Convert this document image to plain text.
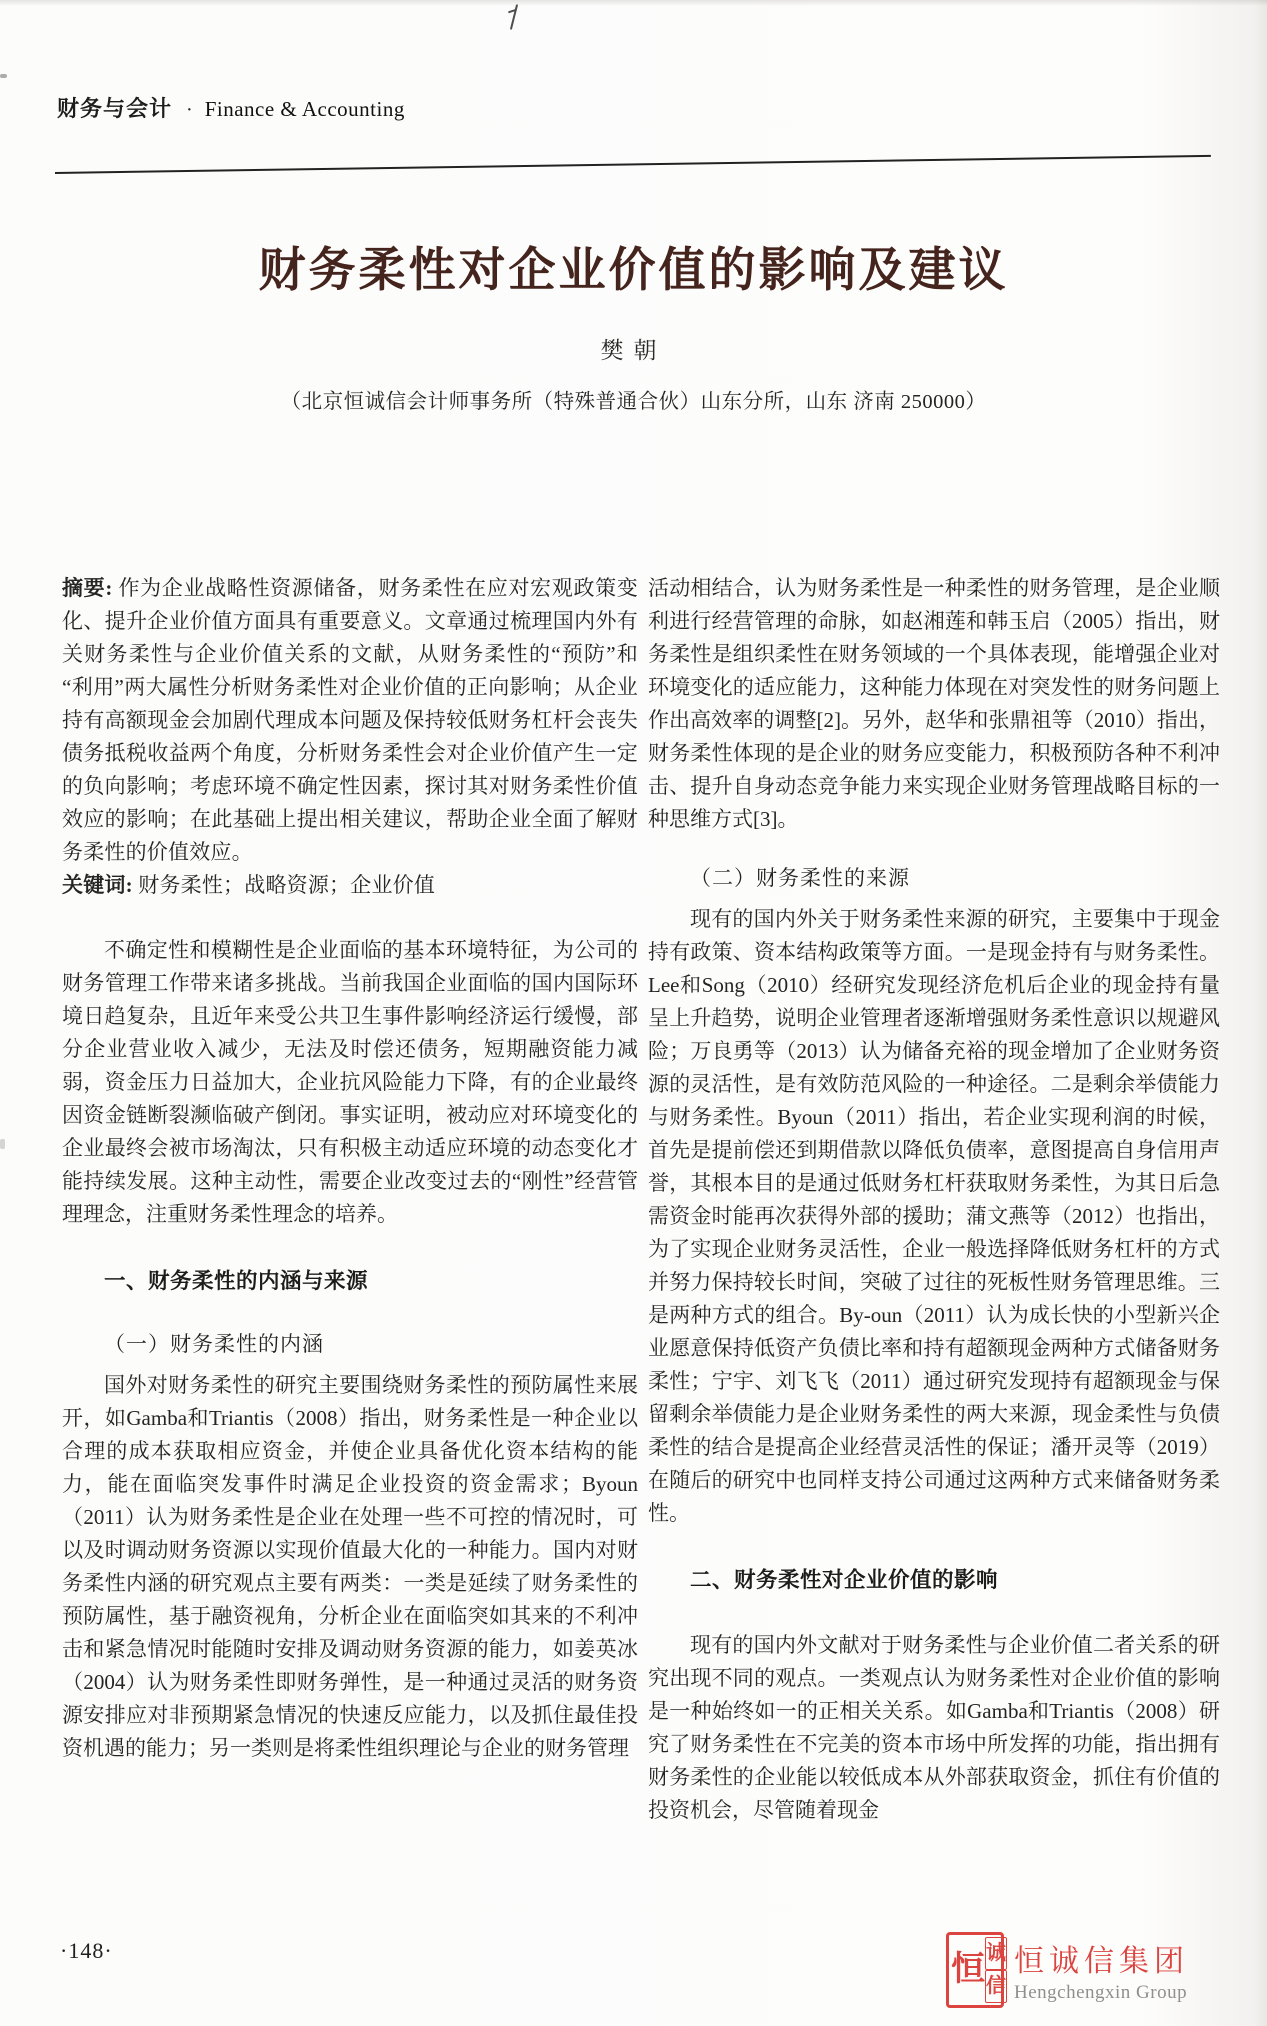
财务与会计 · Finance & Accounting
财务柔性对企业价值的影响及建议
樊朝
（北京恒诚信会计师事务所（特殊普通合伙）山东分所，山东 济南 250000）

摘要: 作为企业战略性资源储备，财务柔性在应对宏观政策变化、提升企业价值方面具有重要意义。文章通过梳理国内外有关财务柔性与企业价值关系的文献，从财务柔性的“预防”和“利用”两大属性分析财务柔性对企业价值的正向影响；从企业持有高额现金会加剧代理成本问题及保持较低财务杠杆会丧失债务抵税收益两个角度，分析财务柔性会对企业价值产生一定的负向影响；考虑环境不确定性因素，探讨其对财务柔性价值效应的影响；在此基础上提出相关建议，帮助企业全面了解财务柔性的价值效应。

关键词: 财务柔性；战略资源；企业价值

不确定性和模糊性是企业面临的基本环境特征，为公司的财务管理工作带来诸多挑战。当前我国企业面临的国内国际环境日趋复杂，且近年来受公共卫生事件影响经济运行缓慢，部分企业营业收入减少，无法及时偿还债务，短期融资能力减弱，资金压力日益加大，企业抗风险能力下降，有的企业最终因资金链断裂濒临破产倒闭。事实证明，被动应对环境变化的企业最终会被市场淘汰，只有积极主动适应环境的动态变化才能持续发展。这种主动性，需要企业改变过去的“刚性”经营管理理念，注重财务柔性理念的培养。

一、财务柔性的内涵与来源
（一）财务柔性的内涵

国外对财务柔性的研究主要围绕财务柔性的预防属性来展开，如Gamba和Triantis（2008）指出，财务柔性是一种企业以合理的成本获取相应资金，并使企业具备优化资本结构的能力，能在面临突发事件时满足企业投资的资金需求；Byoun（2011）认为财务柔性是企业在处理一些不可控的情况时，可以及时调动财务资源以实现价值最大化的一种能力。国内对财务柔性内涵的研究观点主要有两类：一类是延续了财务柔性的预防属性，基于融资视角，分析企业在面临突如其来的不利冲击和紧急情况时能随时安排及调动财务资源的能力，如姜英冰（2004）认为财务柔性即财务弹性，是一种通过灵活的财务资源安排应对非预期紧急情况的快速反应能力，以及抓住最佳投资机遇的能力；另一类则是将柔性组织理论与企业的财务管理

活动相结合，认为财务柔性是一种柔性的财务管理，是企业顺利进行经营管理的命脉，如赵湘莲和韩玉启（2005）指出，财务柔性是组织柔性在财务领域的一个具体表现，能增强企业对环境变化的适应能力，这种能力体现在对突发性的财务问题上作出高效率的调整[2]。另外，赵华和张鼎祖等（2010）指出，财务柔性体现的是企业的财务应变能力，积极预防各种不利冲击、提升自身动态竞争能力来实现企业财务管理战略目标的一种思维方式[3]。

（二）财务柔性的来源

现有的国内外关于财务柔性来源的研究，主要集中于现金持有政策、资本结构政策等方面。一是现金持有与财务柔性。Lee和Song（2010）经研究发现经济危机后企业的现金持有量呈上升趋势，说明企业管理者逐渐增强财务柔性意识以规避风险；万良勇等（2013）认为储备充裕的现金增加了企业财务资源的灵活性，是有效防范风险的一种途径。二是剩余举债能力与财务柔性。Byoun（2011）指出，若企业实现利润的时候，首先是提前偿还到期借款以降低负债率，意图提高自身信用声誉，其根本目的是通过低财务杠杆获取财务柔性，为其日后急需资金时能再次获得外部的援助；蒲文燕等（2012）也指出，为了实现企业财务灵活性，企业一般选择降低财务杠杆的方式并努力保持较长时间，突破了过往的死板性财务管理思维。三是两种方式的组合。By-oun（2011）认为成长快的小型新兴企业愿意保持低资产负债比率和持有超额现金两种方式储备财务柔性；宁宇、刘飞飞（2011）通过研究发现持有超额现金与保留剩余举债能力是企业财务柔性的两大来源，现金柔性与负债柔性的结合是提高企业经营灵活性的保证；潘开灵等（2019）在随后的研究中也同样支持公司通过这两种方式来储备财务柔性。

二、财务柔性对企业价值的影响

现有的国内外文献对于财务柔性与企业价值二者关系的研究出现不同的观点。一类观点认为财务柔性对企业价值的影响是一种始终如一的正相关关系。如Gamba和Triantis（2008）研究了财务柔性在不完美的资本市场中所发挥的功能，指出拥有财务柔性的企业能以较低成本从外部获取资金，抓住有价值的投资机会，尽管随着现金

·148·
恒 诚
信
恒诚信集团
Hengchengxin Group
